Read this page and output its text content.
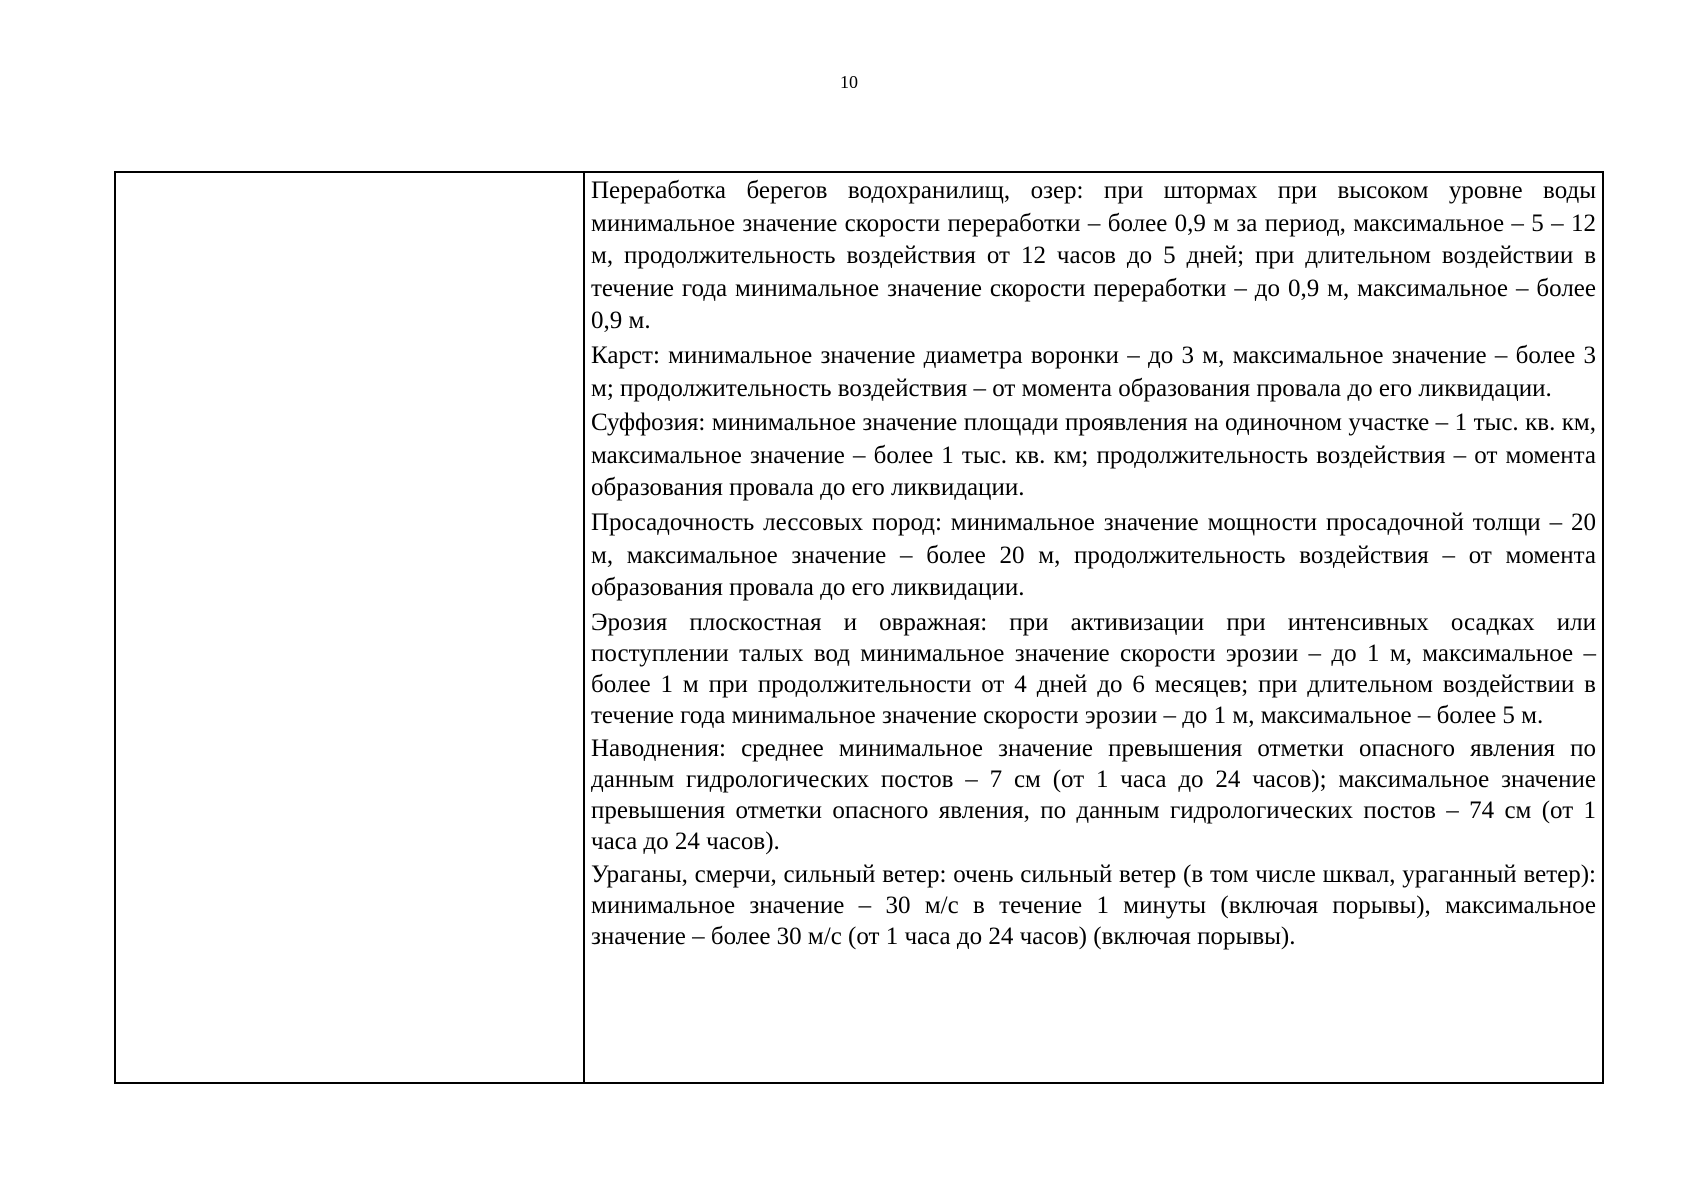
10

Переработка берегов водохранилищ, озер: при штормах при высоком уровне воды минимальное значение скорости переработки – более 0,9 м за период, максимальное – 5 – 12 м, продолжительность воздействия от 12 часов до 5 дней; при длительном воздействии в течение года минимальное значение скорости переработки – до 0,9 м, максимальное – более 0,9 м.

Карст: минимальное значение диаметра воронки – до 3 м, максимальное значение – более 3 м; продолжительность воздействия – от момента образования провала до его ликвидации.

Суффозия: минимальное значение площади проявления на одиночном участке – 1 тыс. кв. км, максимальное значение – более 1 тыс. кв. км; продолжительность воздействия – от момента образования провала до его ликвидации.

Просадочность лессовых пород: минимальное значение мощности просадочной толщи – 20 м, максимальное значение – более 20 м, продолжительность воздействия – от момента образования провала до его ликвидации.

Эрозия плоскостная и овражная: при активизации при интенсивных осадках или поступлении талых вод минимальное значение скорости эрозии – до 1 м, максимальное – более 1 м при продолжительности от 4 дней до 6 месяцев; при длительном воздействии в течение года минимальное значение скорости эрозии – до 1 м, максимальное – более 5 м.

Наводнения: среднее минимальное значение превышения отметки опасного явления по данным гидрологических постов – 7 см (от 1 часа до 24 часов); максимальное значение превышения отметки опасного явления, по данным гидрологических постов – 74 см (от 1 часа до 24 часов).

Ураганы, смерчи, сильный ветер: очень сильный ветер (в том числе шквал, ураганный ветер): минимальное значение – 30 м/с в течение 1 минуты (включая порывы), максимальное значение – более 30 м/с (от 1 часа до 24 часов) (включая порывы).
